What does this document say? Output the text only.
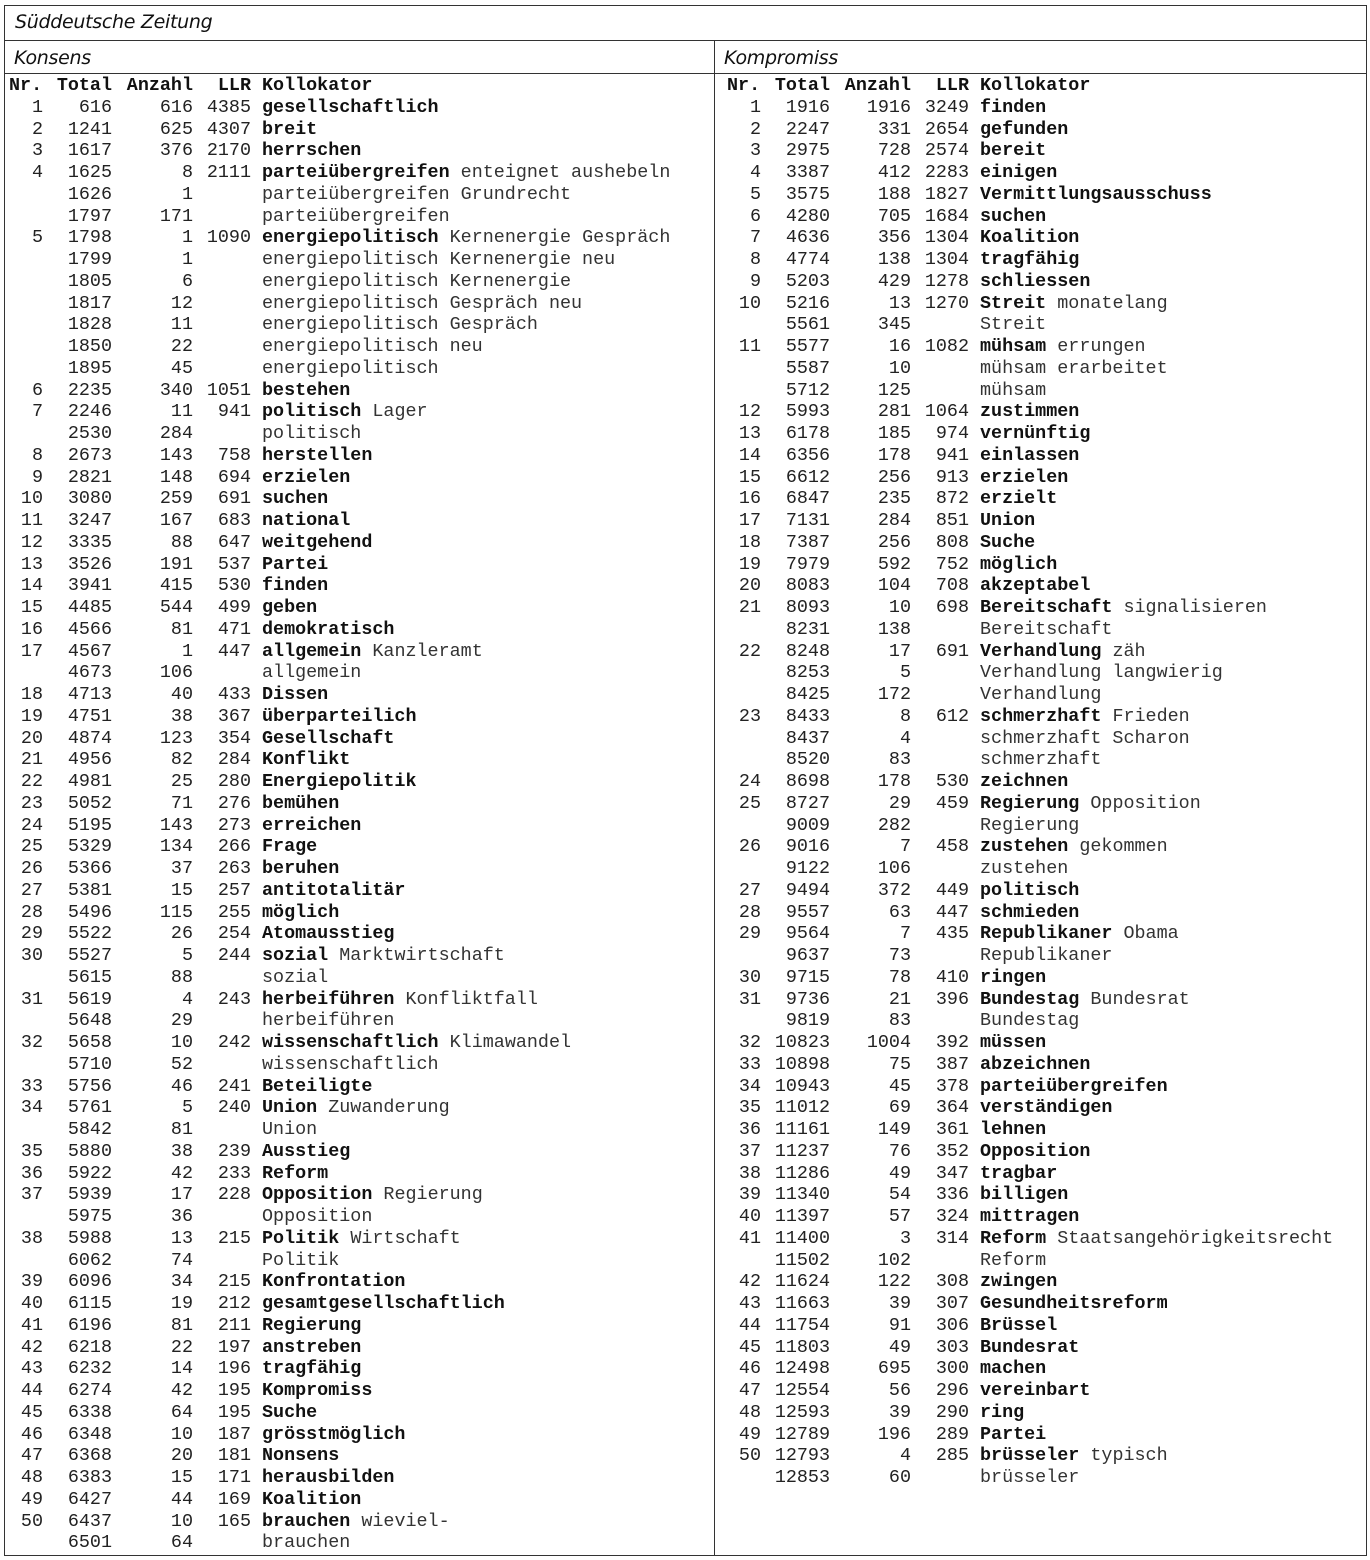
Süddeutsche Zeitung
Konsens
Nr. Total Anzahl	LLR Kollokator
1	616	616 4385 gesellschaftlich
2	1241	625 4307 breit
3	1617	376 2170 herrschen
4	1625	8 2111 parteiübergreifen enteignet aushebeln
1626	1	parteiübergreifen Grundrecht
1797	171	parteiübergreifen
5	1798	1 1090 energiepolitisch Kernenergie Gespräch
1799	1	energiepolitisch Kernenergie neu
1805	6	energiepolitisch Kernenergie
1817	12	energiepolitisch Gespräch neu
1828	11	energiepolitisch Gespräch
1850	22	energiepolitisch neu
1895	45	energiepolitisch
6	2235	340 1051 bestehen
7	2246	11	941 politisch Lager
2530	284	politisch
8	2673	143	758 herstellen
9	2821	148	694 erzielen
10	3080	259	691 suchen
11	3247	167	683 national
12	3335	88	647 weitgehend
13	3526	191	537 Partei
14	3941	415	530 finden
15	4485	544	499 geben
16	4566	81	471 demokratisch
17	4567	1	447 allgemein Kanzleramt
4673	106	allgemein
18	4713	40	433 Dissen
19	4751	38	367 überparteilich
20	4874	123	354 Gesellschaft
21	4956	82	284 Konflikt
22	4981	25	280 Energiepolitik
23	5052	71	276 bemühen
24	5195	143	273 erreichen
25	5329	134	266 Frage
26	5366	37	263 beruhen
27	5381	15	257 antitotalitär
28	5496	115	255 möglich
29	5522	26	254 Atomausstieg
30	5527	5	244 sozial Marktwirtschaft
5615	88	sozial
31	5619	4	243 herbeiführen Konfliktfall
5648	29	herbeiführen
32	5658	10	242 wissenschaftlich Klimawandel
5710	52	wissenschaftlich
33	5756	46	241 Beteiligte
34	5761	5	240 Union Zuwanderung
5842	81	Union
35	5880	38	239 Ausstieg
36	5922	42	233 Reform
37	5939	17	228 Opposition Regierung
5975	36	Opposition
38	5988	13	215 Politik Wirtschaft
6062	74	Politik
39	6096	34	215 Konfrontation
40	6115	19	212 gesamtgesellschaftlich
41	6196	81	211 Regierung
42	6218	22	197 anstreben
43	6232	14	196 tragfähig
44	6274	42	195 Kompromiss
45	6338	64	195 Suche
46	6348	10	187 grösstmöglich
47	6368	20	181 Nonsens
48	6383	15	171 herausbilden
49	6427	44	169 Koalition
50	6437	10	165 brauchen wieviel-
6501	64	brauchen
Kompromiss
Nr. Total Anzahl	LLR Kollokator
1	1916	1916 3249 finden
2	2247	331 2654 gefunden
3	2975	728 2574 bereit
4	3387	412 2283 einigen
5	3575	188 1827 Vermittlungsausschuss
6	4280	705 1684 suchen
7	4636	356 1304 Koalition
8	4774	138 1304 tragfähig
9	5203	429 1278 schliessen
10	5216	13 1270 Streit monatelang
5561	345	Streit
11	5577	16 1082 mühsam errungen
5587	10	mühsam erarbeitet
5712	125	mühsam
12	5993	281 1064 zustimmen
13	6178	185	974 vernünftig
14	6356	178	941 einlassen
15	6612	256	913 erzielen
16	6847	235	872 erzielt
17	7131	284	851 Union
18	7387	256	808 Suche
19	7979	592	752 möglich
20	8083	104	708 akzeptabel
21	8093	10	698 Bereitschaft signalisieren
8231	138	Bereitschaft
22	8248	17	691 Verhandlung zäh
8253	5	Verhandlung langwierig
8425	172	Verhandlung
23	8433	8	612 schmerzhaft Frieden
8437	4	schmerzhaft Scharon
8520	83	schmerzhaft
24	8698	178	530 zeichnen
25	8727	29	459 Regierung Opposition
9009	282	Regierung
26	9016	7	458 zustehen gekommen
9122	106	zustehen
27	9494	372	449 politisch
28	9557	63	447 schmieden
29	9564	7	435 Republikaner Obama
9637	73	Republikaner
30	9715	78	410 ringen
31	9736	21	396 Bundestag Bundesrat
9819	83	Bundestag
32 10823	1004	392 müssen
33 10898	75	387 abzeichnen
34 10943	45	378 parteiübergreifen
35 11012	69	364 verständigen
36 11161	149	361 lehnen
37 11237	76	352 Opposition
38 11286	49	347 tragbar
39 11340	54	336 billigen
40 11397	57	324 mittragen
41 11400	3	314 Reform Staatsangehörigkeitsrecht
11502	102	Reform
42 11624	122	308 zwingen
43 11663	39	307 Gesundheitsreform
44 11754	91	306 Brüssel
45 11803	49	303 Bundesrat
46 12498	695	300 machen
47 12554	56	296 vereinbart
48 12593	39	290 ring
49 12789	196	289 Partei
50 12793	4	285 brüsseler typisch
12853	60	brüsseler
